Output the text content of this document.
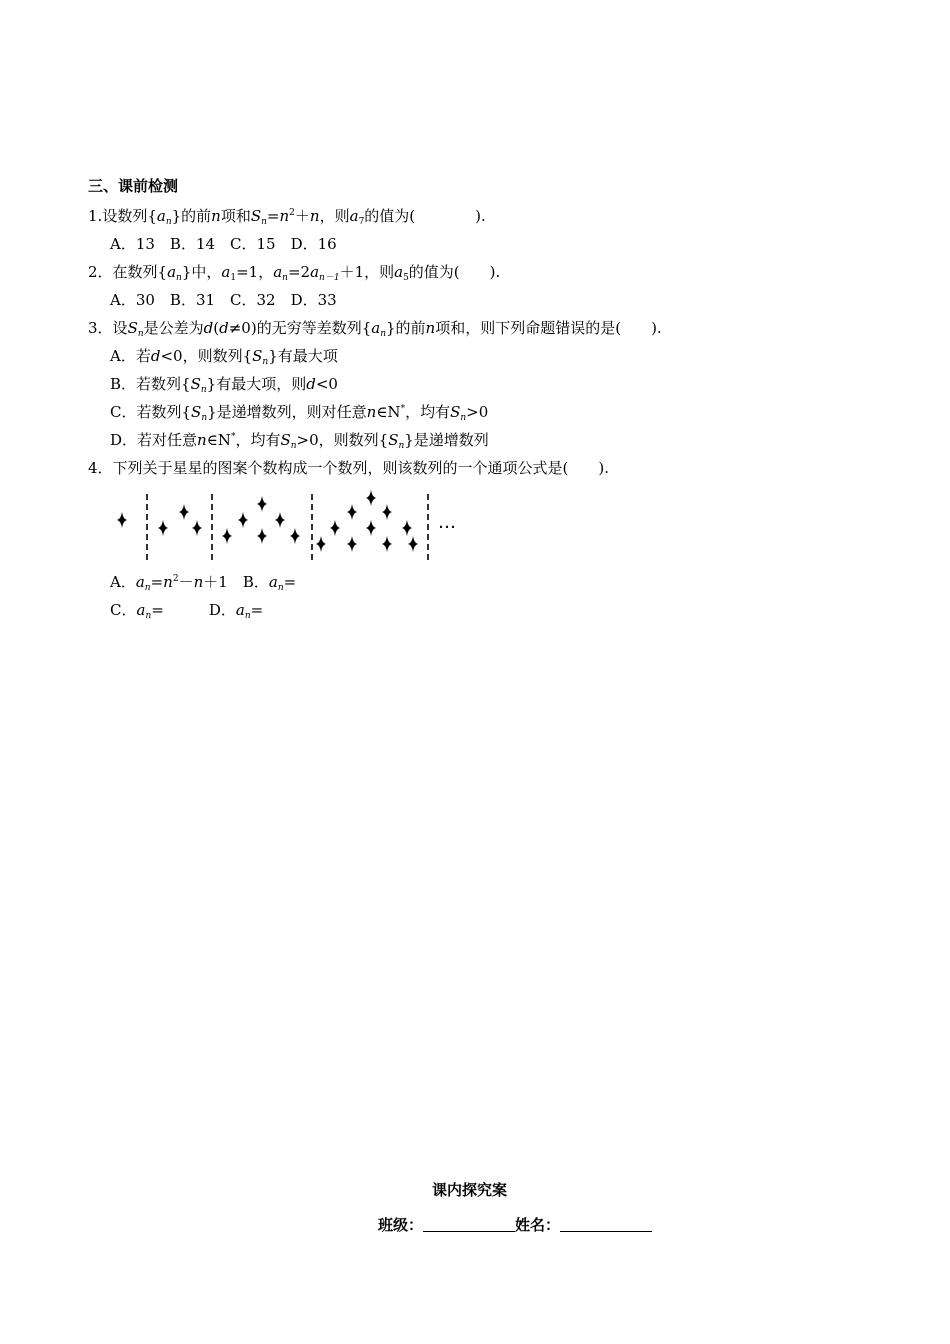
三、课前检测
1.设数列$\{a_n\}$的前n项和$S_n=n^2+n$，则$a_7$的值为(　　　　).
A．13　B．14　C．15　D．16
2．在数列$\{a_n\}$中，$a_1=1$，$a_n=2a_{n-1}+1$，则$a_5$的值为(　　).
A．30　B．31　C．32　D．33
3．设$S_n$是公差为d(d≠0)的无穷等差数列$\{a_n\}$的前n项和，则下列命题错误的是(　　).
A．若d<0，则数列$\{S_n\}$有最大项
B．若数列$\{S_n\}$有最大项，则d<0
C．若数列$\{S_n\}$是递增数列，则对任意n∈N*，均有$S_n>0$
D．若对任意n∈N*，均有$S_n>0$，则数列$\{S_n\}$是递增数列
4．下列关于星星的图案个数构成一个数列，则该数列的一个通项公式是(　　).
…
A．$a_n=n^2-n+1$　 B．$a_n=$
C．$a_n=$　　　	D．$a_n=$
课内探究案
班级：	姓名：
